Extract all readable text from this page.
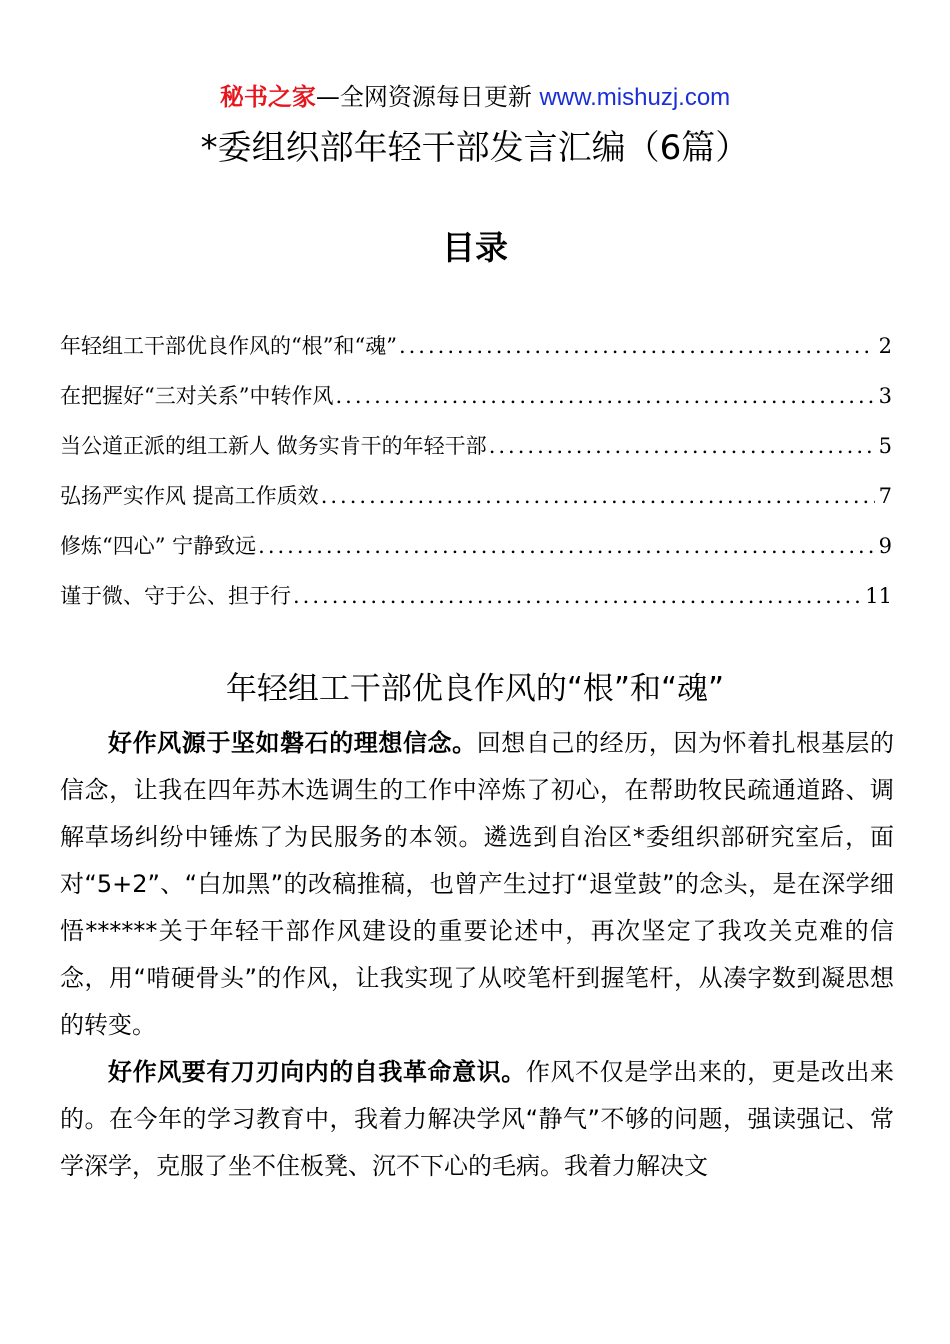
秘书之家—全网资源每日更新 www.mishuzj.com
*委组织部年轻干部发言汇编（6篇）
目录
年轻组工干部优良作风的“根”和“魂” .....	2
在把握好“三对关系”中转作风 .....	3
当公道正派的组工新人 做务实肯干的年轻干部 .....	5
弘扬严实作风 提高工作质效 .....	7
修炼“四心” 宁静致远 .....	9
谨于微、守于公、担于行 .....	11
年轻组工干部优良作风的“根”和“魂”

好作风源于坚如磐石的理想信念。回想自己的经历，因为怀着扎根基层的信念，让我在四年苏木选调生的工作中淬炼了初心，在帮助牧民疏通道路、调解草场纠纷中锤炼了为民服务的本领。遴选到自治区*委组织部研究室后，面对“5+2”、“白加黑”的改稿推稿，也曾产生过打“退堂鼓”的念头，是在深学细悟******关于年轻干部作风建设的重要论述中，再次坚定了我攻关克难的信念，用“啃硬骨头”的作风，让我实现了从咬笔杆到握笔杆，从凑字数到凝思想的转变。

好作风要有刀刃向内的自我革命意识。作风不仅是学出来的，更是改出来的。在今年的学习教育中，我着力解决学风“静气”不够的问题，强读强记、常学深学，克服了坐不住板凳、沉不下心的毛病。我着力解决文
